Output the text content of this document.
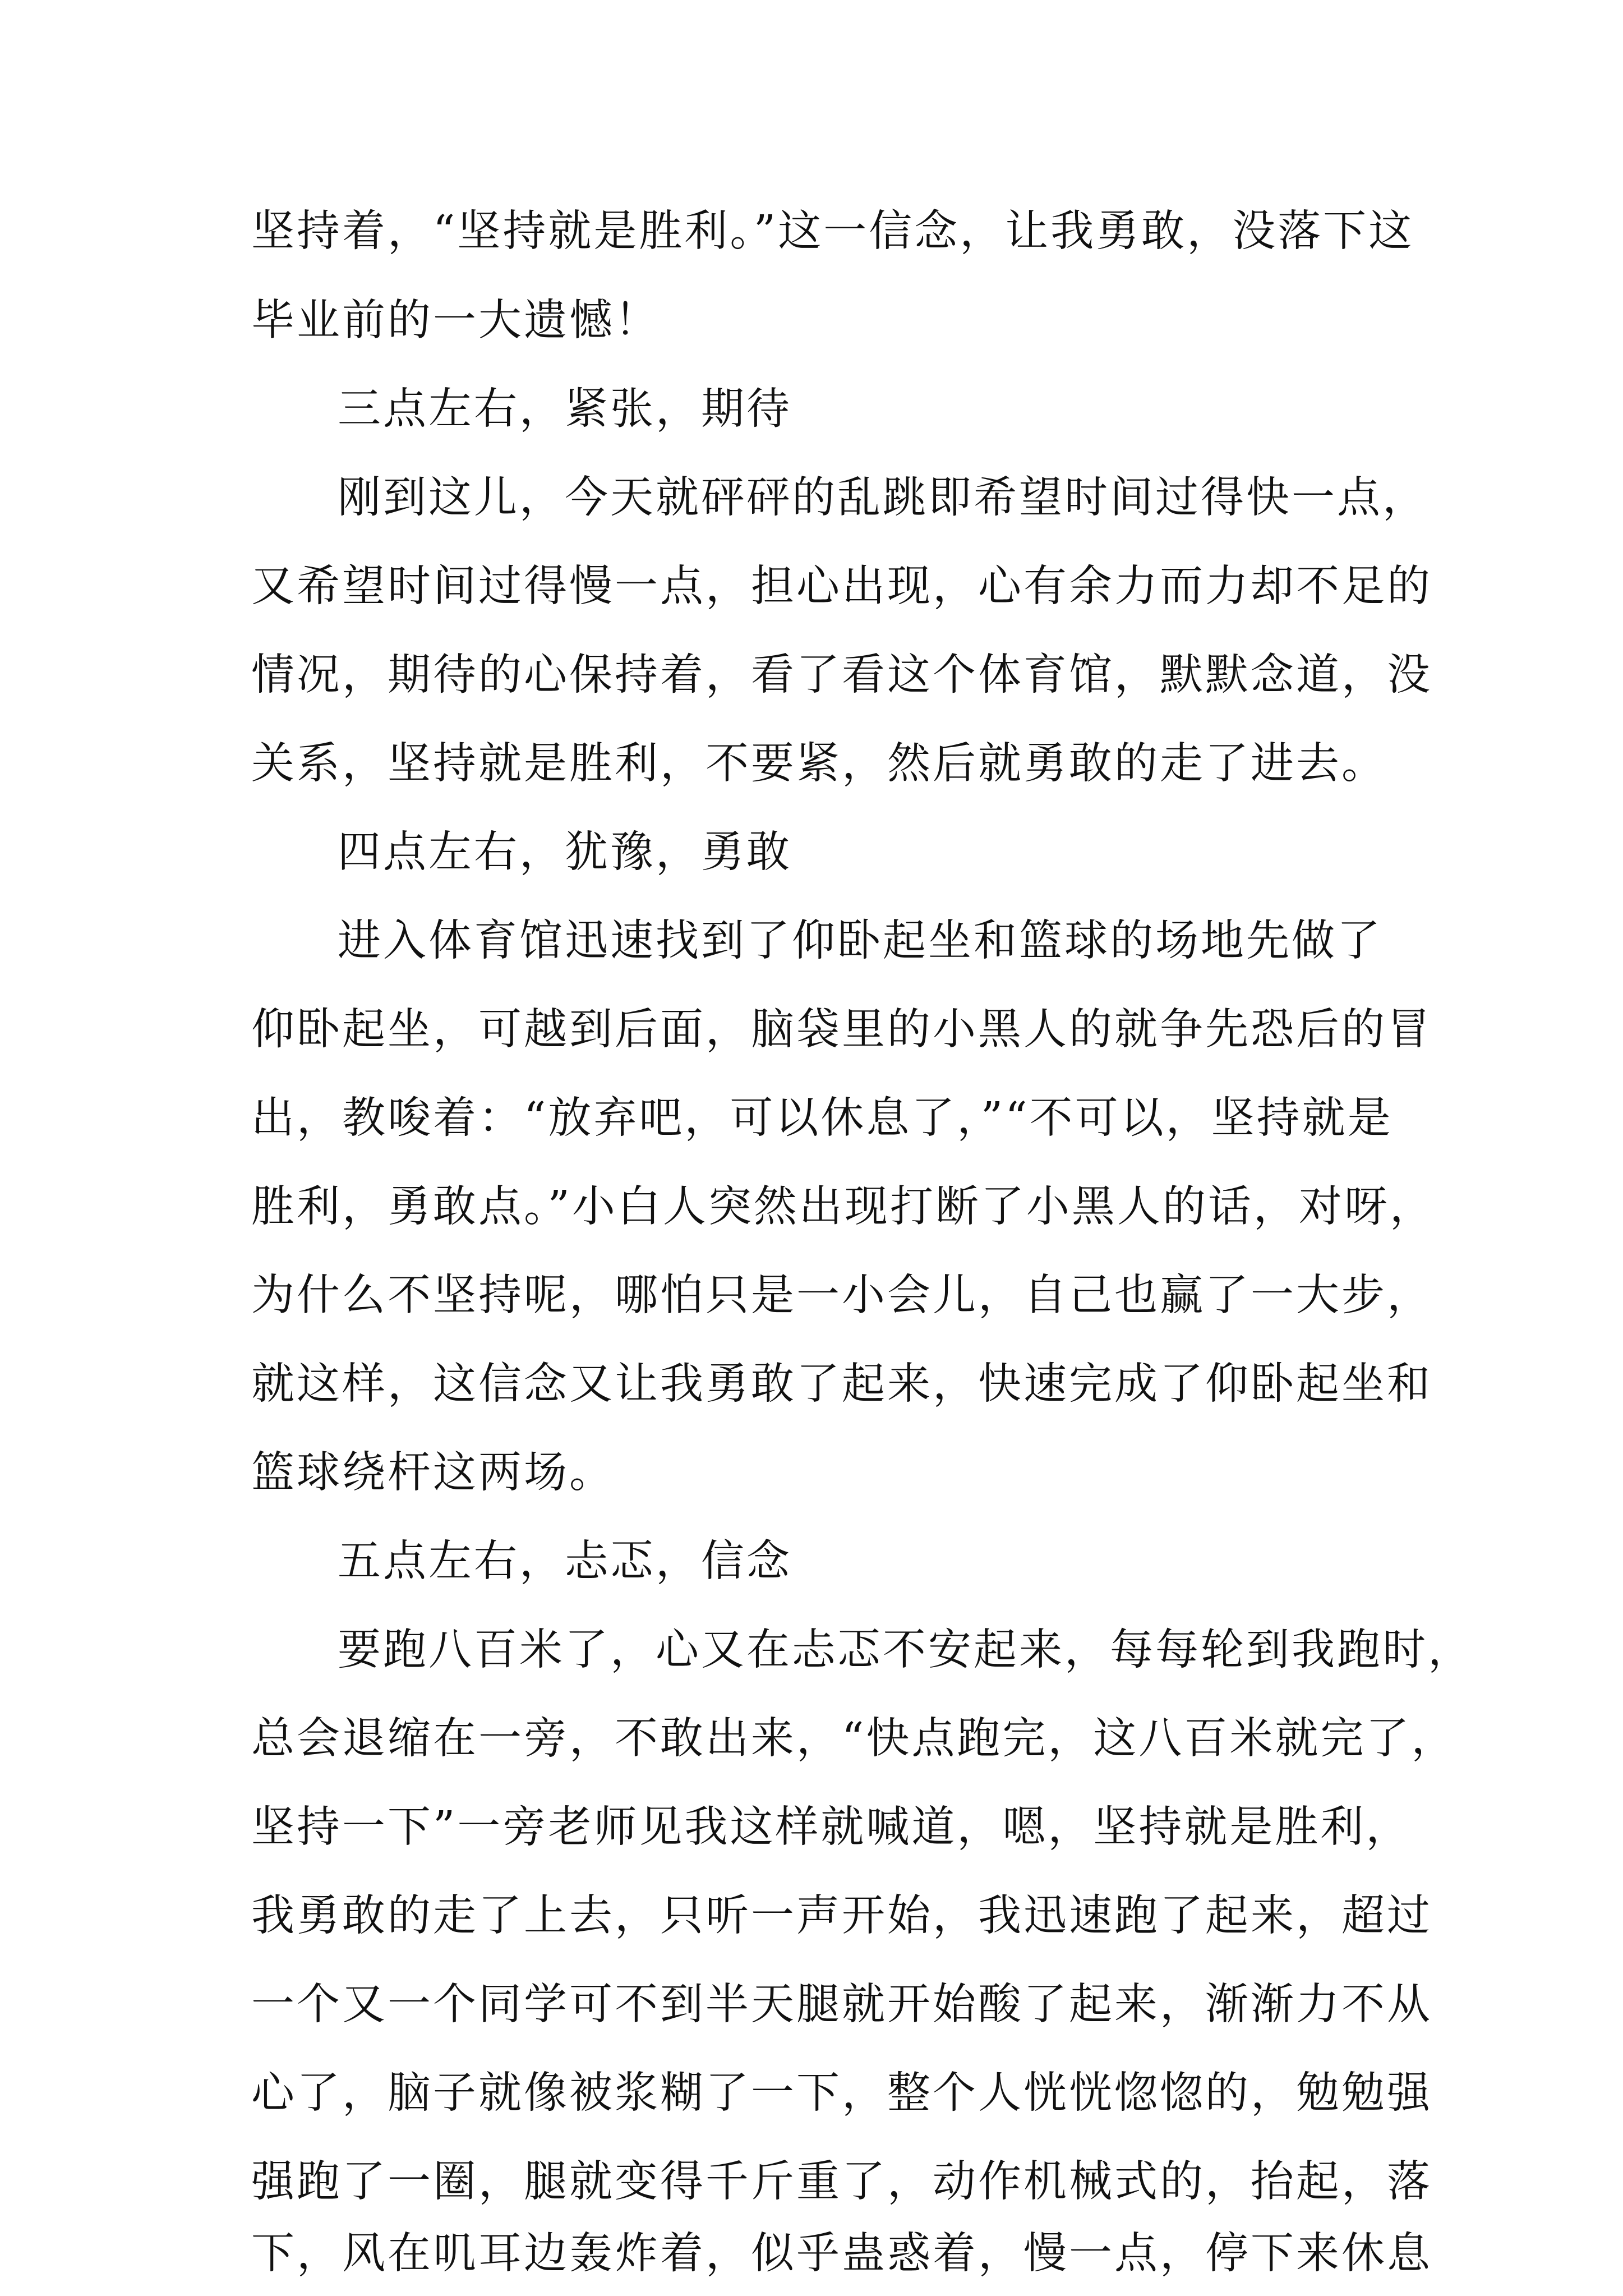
坚持着，“坚持就是胜利。”这一信念，让我勇敢，没落下这
毕业前的一大遗憾！
三点左右，紧张，期待
刚到这儿，今天就砰砰的乱跳即希望时间过得快一点，
又希望时间过得慢一点，担心出现，心有余力而力却不足的
情况，期待的心保持着，看了看这个体育馆，默默念道，没
关系，坚持就是胜利，不要紧，然后就勇敢的走了进去。
四点左右，犹豫，勇敢
进入体育馆迅速找到了仰卧起坐和篮球的场地先做了
仰卧起坐，可越到后面，脑袋里的小黑人的就争先恐后的冒
出，教唆着：“放弃吧，可以休息了，”“不可以，坚持就是
胜利，勇敢点。”小白人突然出现打断了小黑人的话，对呀，
为什么不坚持呢，哪怕只是一小会儿，自己也赢了一大步，
就这样，这信念又让我勇敢了起来，快速完成了仰卧起坐和
篮球绕杆这两场。
五点左右，忐忑，信念
要跑八百米了，心又在忐忑不安起来，每每轮到我跑时，
总会退缩在一旁，不敢出来，“快点跑完，这八百米就完了，
坚持一下”一旁老师见我这样就喊道，嗯，坚持就是胜利，
我勇敢的走了上去，只听一声开始，我迅速跑了起来，超过
一个又一个同学可不到半天腿就开始酸了起来，渐渐力不从
心了，脑子就像被浆糊了一下，整个人恍恍惚惚的，勉勉强
强跑了一圈，腿就变得千斤重了，动作机械式的，抬起，落
下，风在叽耳边轰炸着，似乎蛊惑着，慢一点，停下来休息
